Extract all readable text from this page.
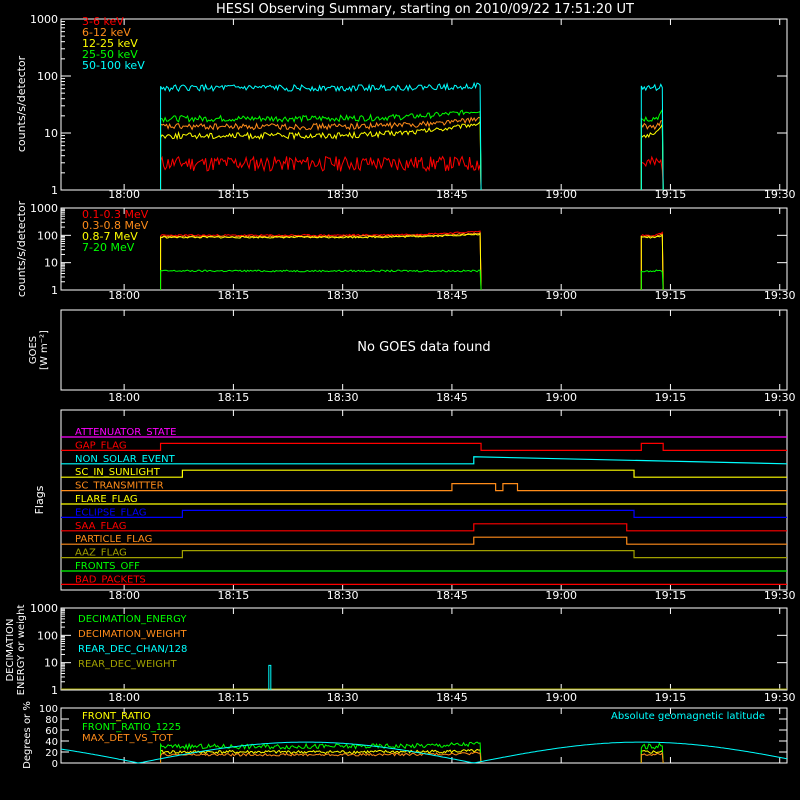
HESSI Observing Summary, starting on 2010/09/22 17:51:20 UT
18:00	18:15	18:30	18:45	19:00	19:15	19:30
18:00	18:15	18:30	18:45	19:00	19:15	19:30
18:00	18:15	18:30	18:45	19:00	19:15	19:30
18:00	18:15	18:30	18:45	19:00	19:15	19:30
18:00	18:15	18:30	18:45	19:00	19:15	19:30
1
10
100
1000
1
10
100
1000
1
10
100
1000
0
20
40
60
80
100
3-6 keV
6-12 keV
12-25 keV
25-50 keV
50-100 keV
0.1-0.3 MeV
0.3-0.8 MeV
0.8-7 MeV
7-20 MeV
ATTENUATOR_STATE
GAP_FLAG
NON_SOLAR_EVENT
SC_IN_SUNLIGHT
SC_TRANSMITTER
FLARE_FLAG
ECLIPSE_FLAG
SAA_FLAG
PARTICLE_FLAG
AAZ_FLAG
FRONTS_OFF
BAD_PACKETS
DECIMATION_ENERGY
DECIMATION_WEIGHT
REAR_DEC_CHAN/128
REAR_DEC_WEIGHT
FRONT_RATIO
FRONT_RATIO_1225
MAX_DET_VS_TOT
Absolute geomagnetic latitude
counts/s/detector
counts/s/detector
GOES [W m⁻²]
Flags
DECIMATION ENERGY or weight
Degrees or %
No GOES data found
